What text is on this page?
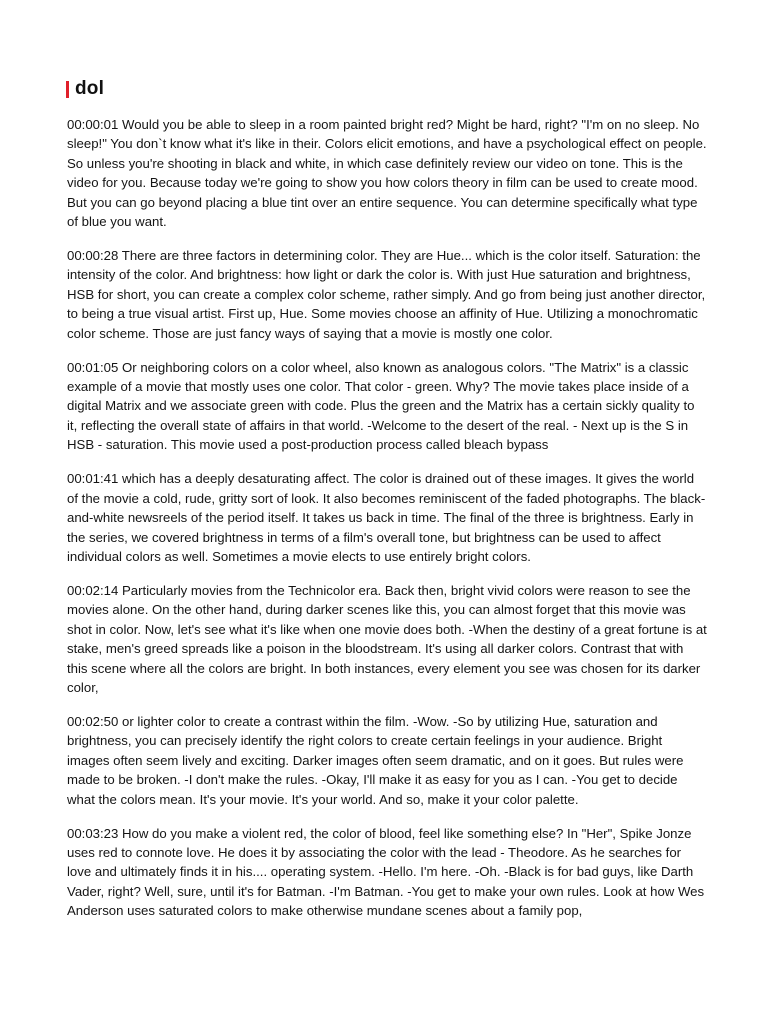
dol

00:00:01 Would you be able to sleep in a room painted bright red? Might be hard, right? "I'm on no sleep. No sleep!" You don`t know what it's like in their. Colors elicit emotions, and have a psychological effect on people. So unless you're shooting in black and white, in which case definitely review our video on tone. This is the video for you. Because today we're going to show you how colors theory in film can be used to create mood. But you can go beyond placing a blue tint over an entire sequence. You can determine specifically what type of blue you want.

00:00:28 There are three factors in determining color. They are Hue... which is the color itself. Saturation: the intensity of the color. And brightness: how light or dark the color is. With just Hue saturation and brightness, HSB for short, you can create a complex color scheme, rather simply. And go from being just another director, to being a true visual artist. First up, Hue. Some movies choose an affinity of Hue. Utilizing a monochromatic color scheme. Those are just fancy ways of saying that a movie is mostly one color.

00:01:05 Or neighboring colors on a color wheel, also known as analogous colors. "The Matrix" is a classic example of a movie that mostly uses one color. That color - green. Why? The movie takes place inside of a digital Matrix and we associate green with code. Plus the green and the Matrix has a certain sickly quality to it, reflecting the overall state of affairs in that world. -Welcome to the desert of the real. - Next up is the S in HSB - saturation. This movie used a post-production process called bleach bypass

00:01:41 which has a deeply desaturating affect. The color is drained out of these images. It gives the world of the movie a cold, rude, gritty sort of look. It also becomes reminiscent of the faded photographs. The black-and-white newsreels of the period itself. It takes us back in time. The final of the three is brightness. Early in the series, we covered brightness in terms of a film's overall tone, but brightness can be used to affect individual colors as well. Sometimes a movie elects to use entirely bright colors.

00:02:14 Particularly movies from the Technicolor era. Back then, bright vivid colors were reason to see the movies alone. On the other hand, during darker scenes like this, you can almost forget that this movie was shot in color. Now, let's see what it's like when one movie does both. -When the destiny of a great fortune is at stake, men's greed spreads like a poison in the bloodstream. It's using all darker colors. Contrast that with this scene where all the colors are bright. In both instances, every element you see was chosen for its darker color,

00:02:50 or lighter color to create a contrast within the film. -Wow. -So by utilizing Hue, saturation and brightness, you can precisely identify the right colors to create certain feelings in your audience. Bright images often seem lively and exciting. Darker images often seem dramatic, and on it goes. But rules were made to be broken. -I don't make the rules. -Okay, I'll make it as easy for you as I can. -You get to decide what the colors mean. It's your movie. It's your world. And so, make it your color palette.

00:03:23 How do you make a violent red, the color of blood, feel like something else? In "Her", Spike Jonze uses red to connote love. He does it by associating the color with the lead - Theodore. As he searches for love and ultimately finds it in his.... operating system. -Hello. I'm here. -Oh. -Black is for bad guys, like Darth Vader, right? Well, sure, until it's for Batman. -I'm Batman. -You get to make your own rules. Look at how Wes Anderson uses saturated colors to make otherwise mundane scenes about a family pop,
